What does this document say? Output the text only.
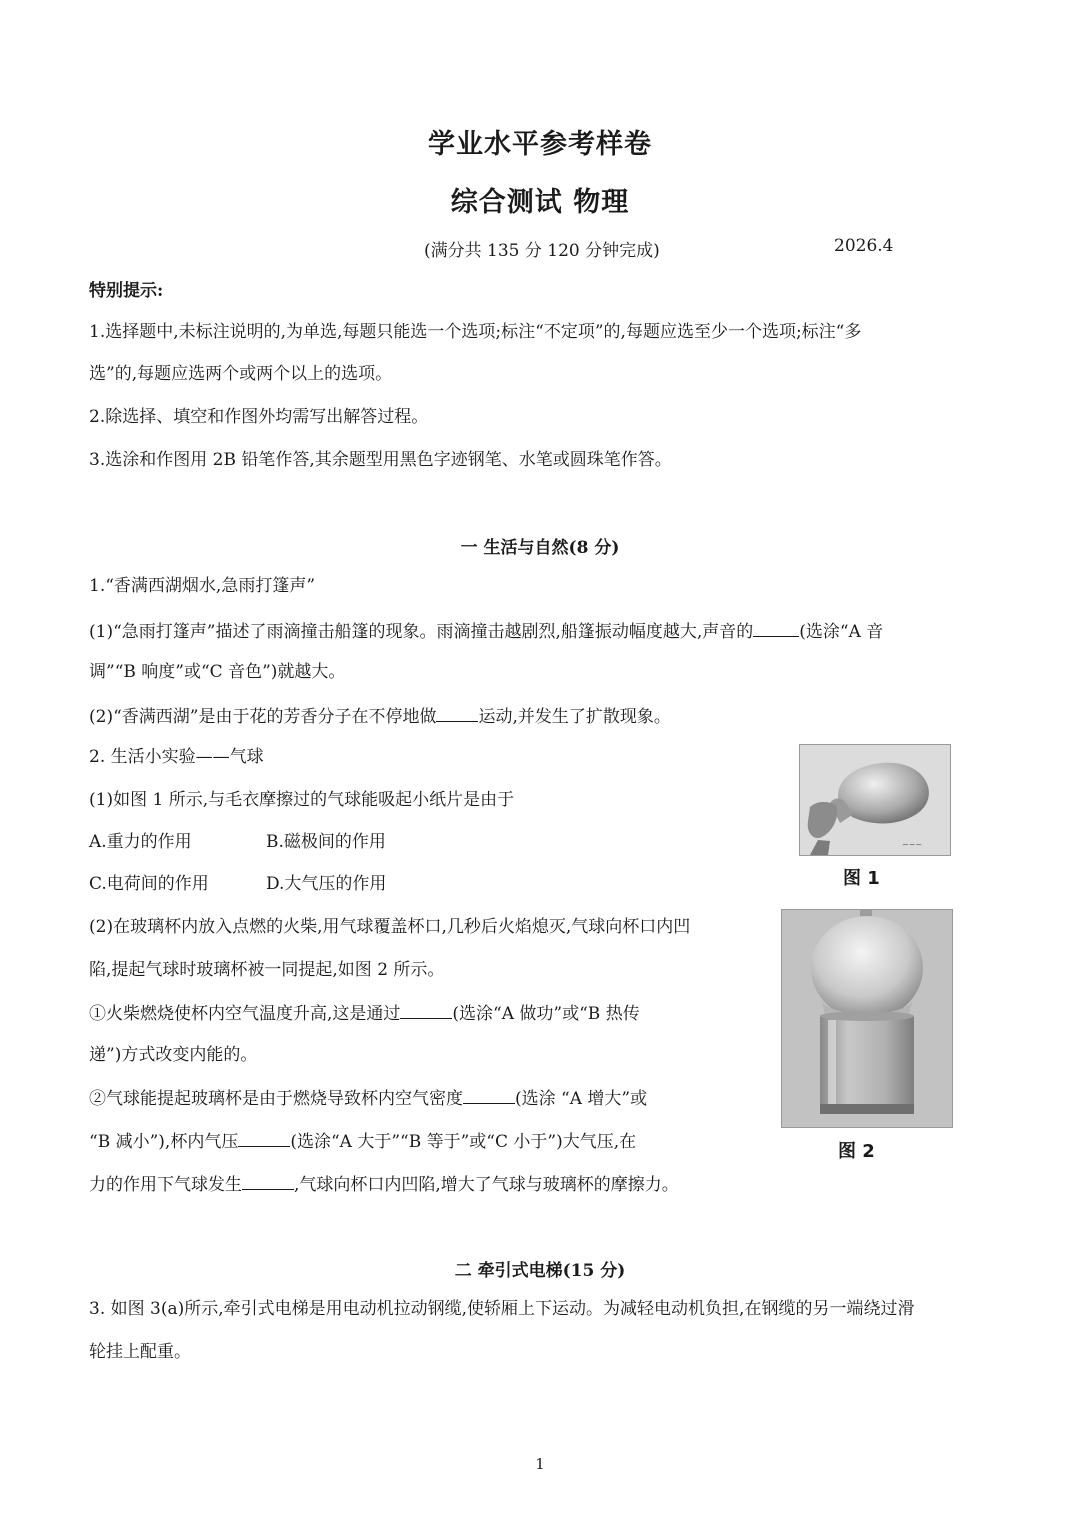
学业水平参考样卷
综合测试 物理
(满分共 135 分 120 分钟完成)	2026.4
特别提示:
1.选择题中,未标注说明的,为单选,每题只能选一个选项;标注“不定项”的,每题应选至少一个选项;标注“多
选”的,每题应选两个或两个以上的选项。
2.除选择、填空和作图外均需写出解答过程。
3.选涂和作图用 2B 铅笔作答,其余题型用黑色字迹钢笔、水笔或圆珠笔作答。
一 生活与自然(8 分)
1.“香满西湖烟水,急雨打篷声”
(1)“急雨打篷声”描述了雨滴撞击船篷的现象。雨滴撞击越剧烈,船篷振动幅度越大,声音的	(选涂“A 音
调”“B 响度”或“C 音色”)就越大。
(2)“香满西湖”是由于花的芳香分子在不停地做 运动,并发生了扩散现象。
2. 生活小实验——气球
(1)如图 1 所示,与毛衣摩擦过的气球能吸起小纸片是由于
A.重力的作用	B.磁极间的作用
C.电荷间的作用	D.大气压的作用
(2)在玻璃杯内放入点燃的火柴,用气球覆盖杯口,几秒后火焰熄灭,气球向杯口内凹
陷,提起气球时玻璃杯被一同提起,如图 2 所示。
①火柴燃烧使杯内空气温度升高,这是通过	(选涂“A 做功”或“B 热传
递”)方式改变内能的。
②气球能提起玻璃杯是由于燃烧导致杯内空气密度	(选涂 “A 增大”或
“B 减小”),杯内气压	(选涂“A 大于”“B 等于”或“C 小于”)大气压,在
力的作用下气球发生	,气球向杯口内凹陷,增大了气球与玻璃杯的摩擦力。
~~~
图 1
图 2
二 牵引式电梯(15 分)
3. 如图 3(a)所示,牵引式电梯是用电动机拉动钢缆,使轿厢上下运动。为减轻电动机负担,在钢缆的另一端绕过滑
轮挂上配重。
1
